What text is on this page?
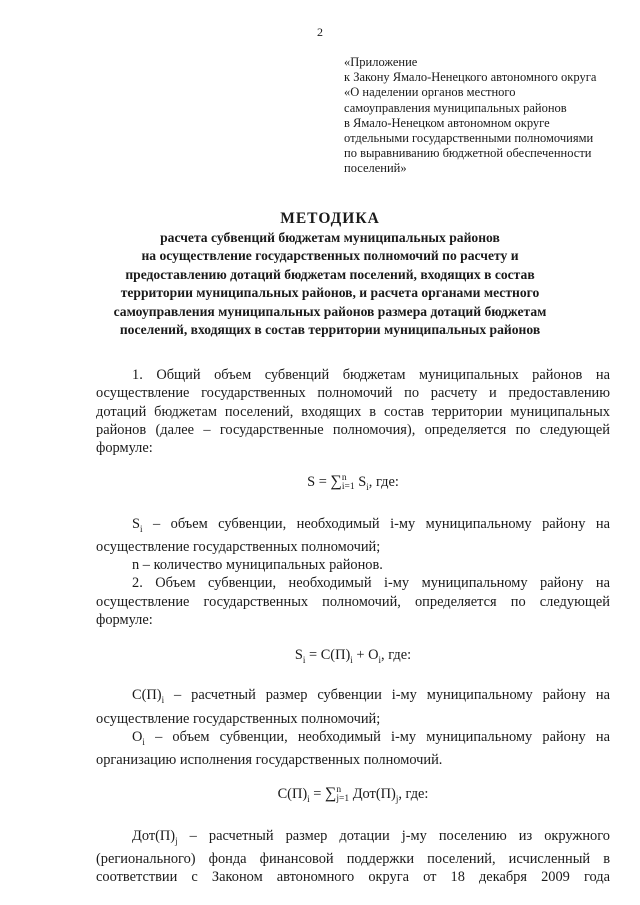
2
«Приложение
к Закону Ямало-Ненецкого автономного округа
«О наделении органов местного
самоуправления муниципальных районов
в Ямало-Ненецком автономном округе
отдельными государственными полномочиями
по выравниванию бюджетной обеспеченности
поселений»
МЕТОДИКА
расчета субвенций бюджетам муниципальных районов
на осуществление государственных полномочий по расчету и
предоставлению дотаций бюджетам поселений, входящих в состав
территории муниципальных районов, и расчета органами местного
самоуправления муниципальных районов размера дотаций бюджетам
поселений, входящих в состав территории муниципальных районов
1. Общий объем субвенций бюджетам муниципальных районов на
осуществление государственных полномочий по расчету и предоставлению
дотаций бюджетам поселений, входящих в состав территории муниципальных
районов (далее – государственные полномочия), определяется по следующей
формуле:
S = ∑ n
i=1 $S_i$, где:
$S_i$ – объем субвенции, необходимый i-му муниципальному району на
осуществление государственных полномочий;
n – количество муниципальных районов.
2. Объем субвенции, необходимый i-му муниципальному району на
осуществление государственных полномочий, определяется по следующей
формуле:
$S_i = С(П)_i + О_i$, где:
$С(П)_i$ – расчетный размер субвенции i-му муниципальному району на
осуществление государственных полномочий;
$О_i$ – объем субвенции, необходимый i-му муниципальному району на
организацию исполнения государственных полномочий.
$С(П)_i$ = ∑ n
j=1 $Дот(П)_j$, где:
$Дот(П)_j$ – расчетный размер дотации j-му поселению из окружного
(регионального) фонда финансовой поддержки поселений, исчисленный в
соответствии с Законом автономного округа от 18 декабря 2009 года
